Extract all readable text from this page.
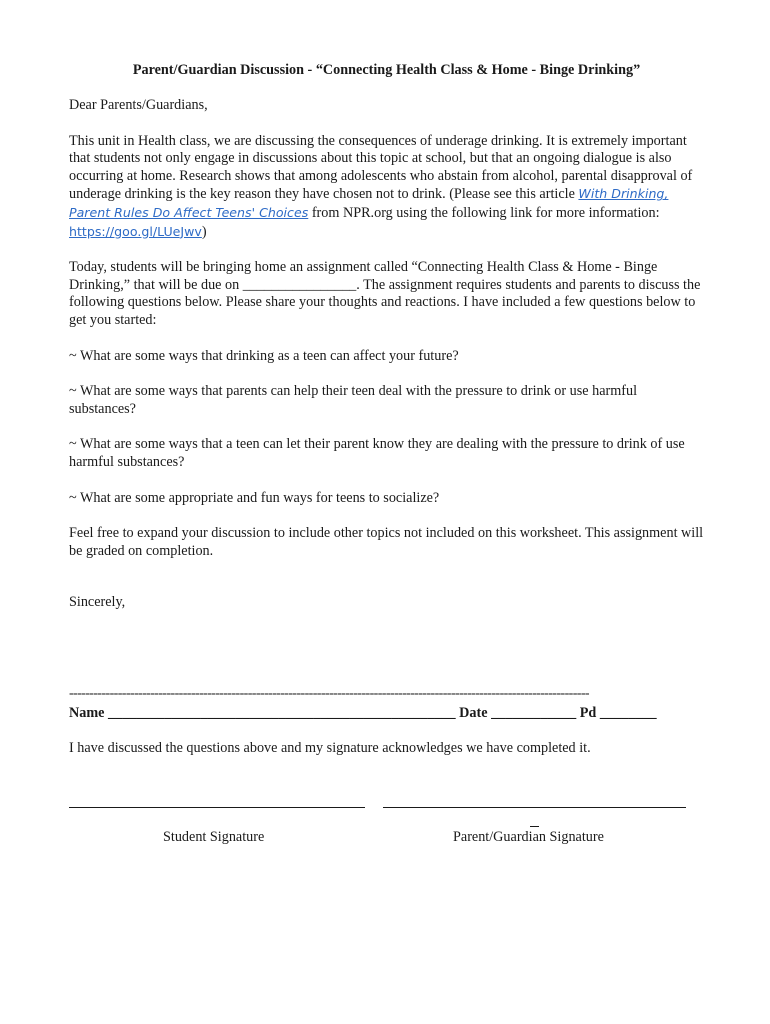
Parent/Guardian Discussion - “Connecting Health Class & Home - Binge Drinking”
Dear Parents/Guardians,
This unit in Health class, we are discussing the consequences of underage drinking. It is extremely important that students not only engage in discussions about this topic at school, but that an ongoing dialogue is also occurring at home. Research shows that among adolescents who abstain from alcohol, parental disapproval of underage drinking is the key reason they have chosen not to drink. (Please see this article With Drinking, Parent Rules Do Affect Teens' Choices from NPR.org using the following link for more information: https://goo.gl/LUeJwv)
Today, students will be bringing home an assignment called “Connecting Health Class & Home - Binge Drinking,” that will be due on ________________. The assignment requires students and parents to discuss the following questions below. Please share your thoughts and reactions. I have included a few questions below to get you started:
~ What are some ways that drinking as a teen can affect your future?
~ What are some ways that parents can help their teen deal with the pressure to drink or use harmful substances?
~ What are some ways that a teen can let their parent know they are dealing with the pressure to drink of use harmful substances?
~ What are some appropriate and fun ways for teens to socialize?
Feel free to expand your discussion to include other topics not included on this worksheet. This assignment will be graded on completion.
Sincerely,
--------------------------------------------------------------------------------------------------------------------------------
Name _________________________________________________ Date ____________ Pd ________
I have discussed the questions above and my signature acknowledges we have completed it.
Student Signature	Parent/Guardian Signature
